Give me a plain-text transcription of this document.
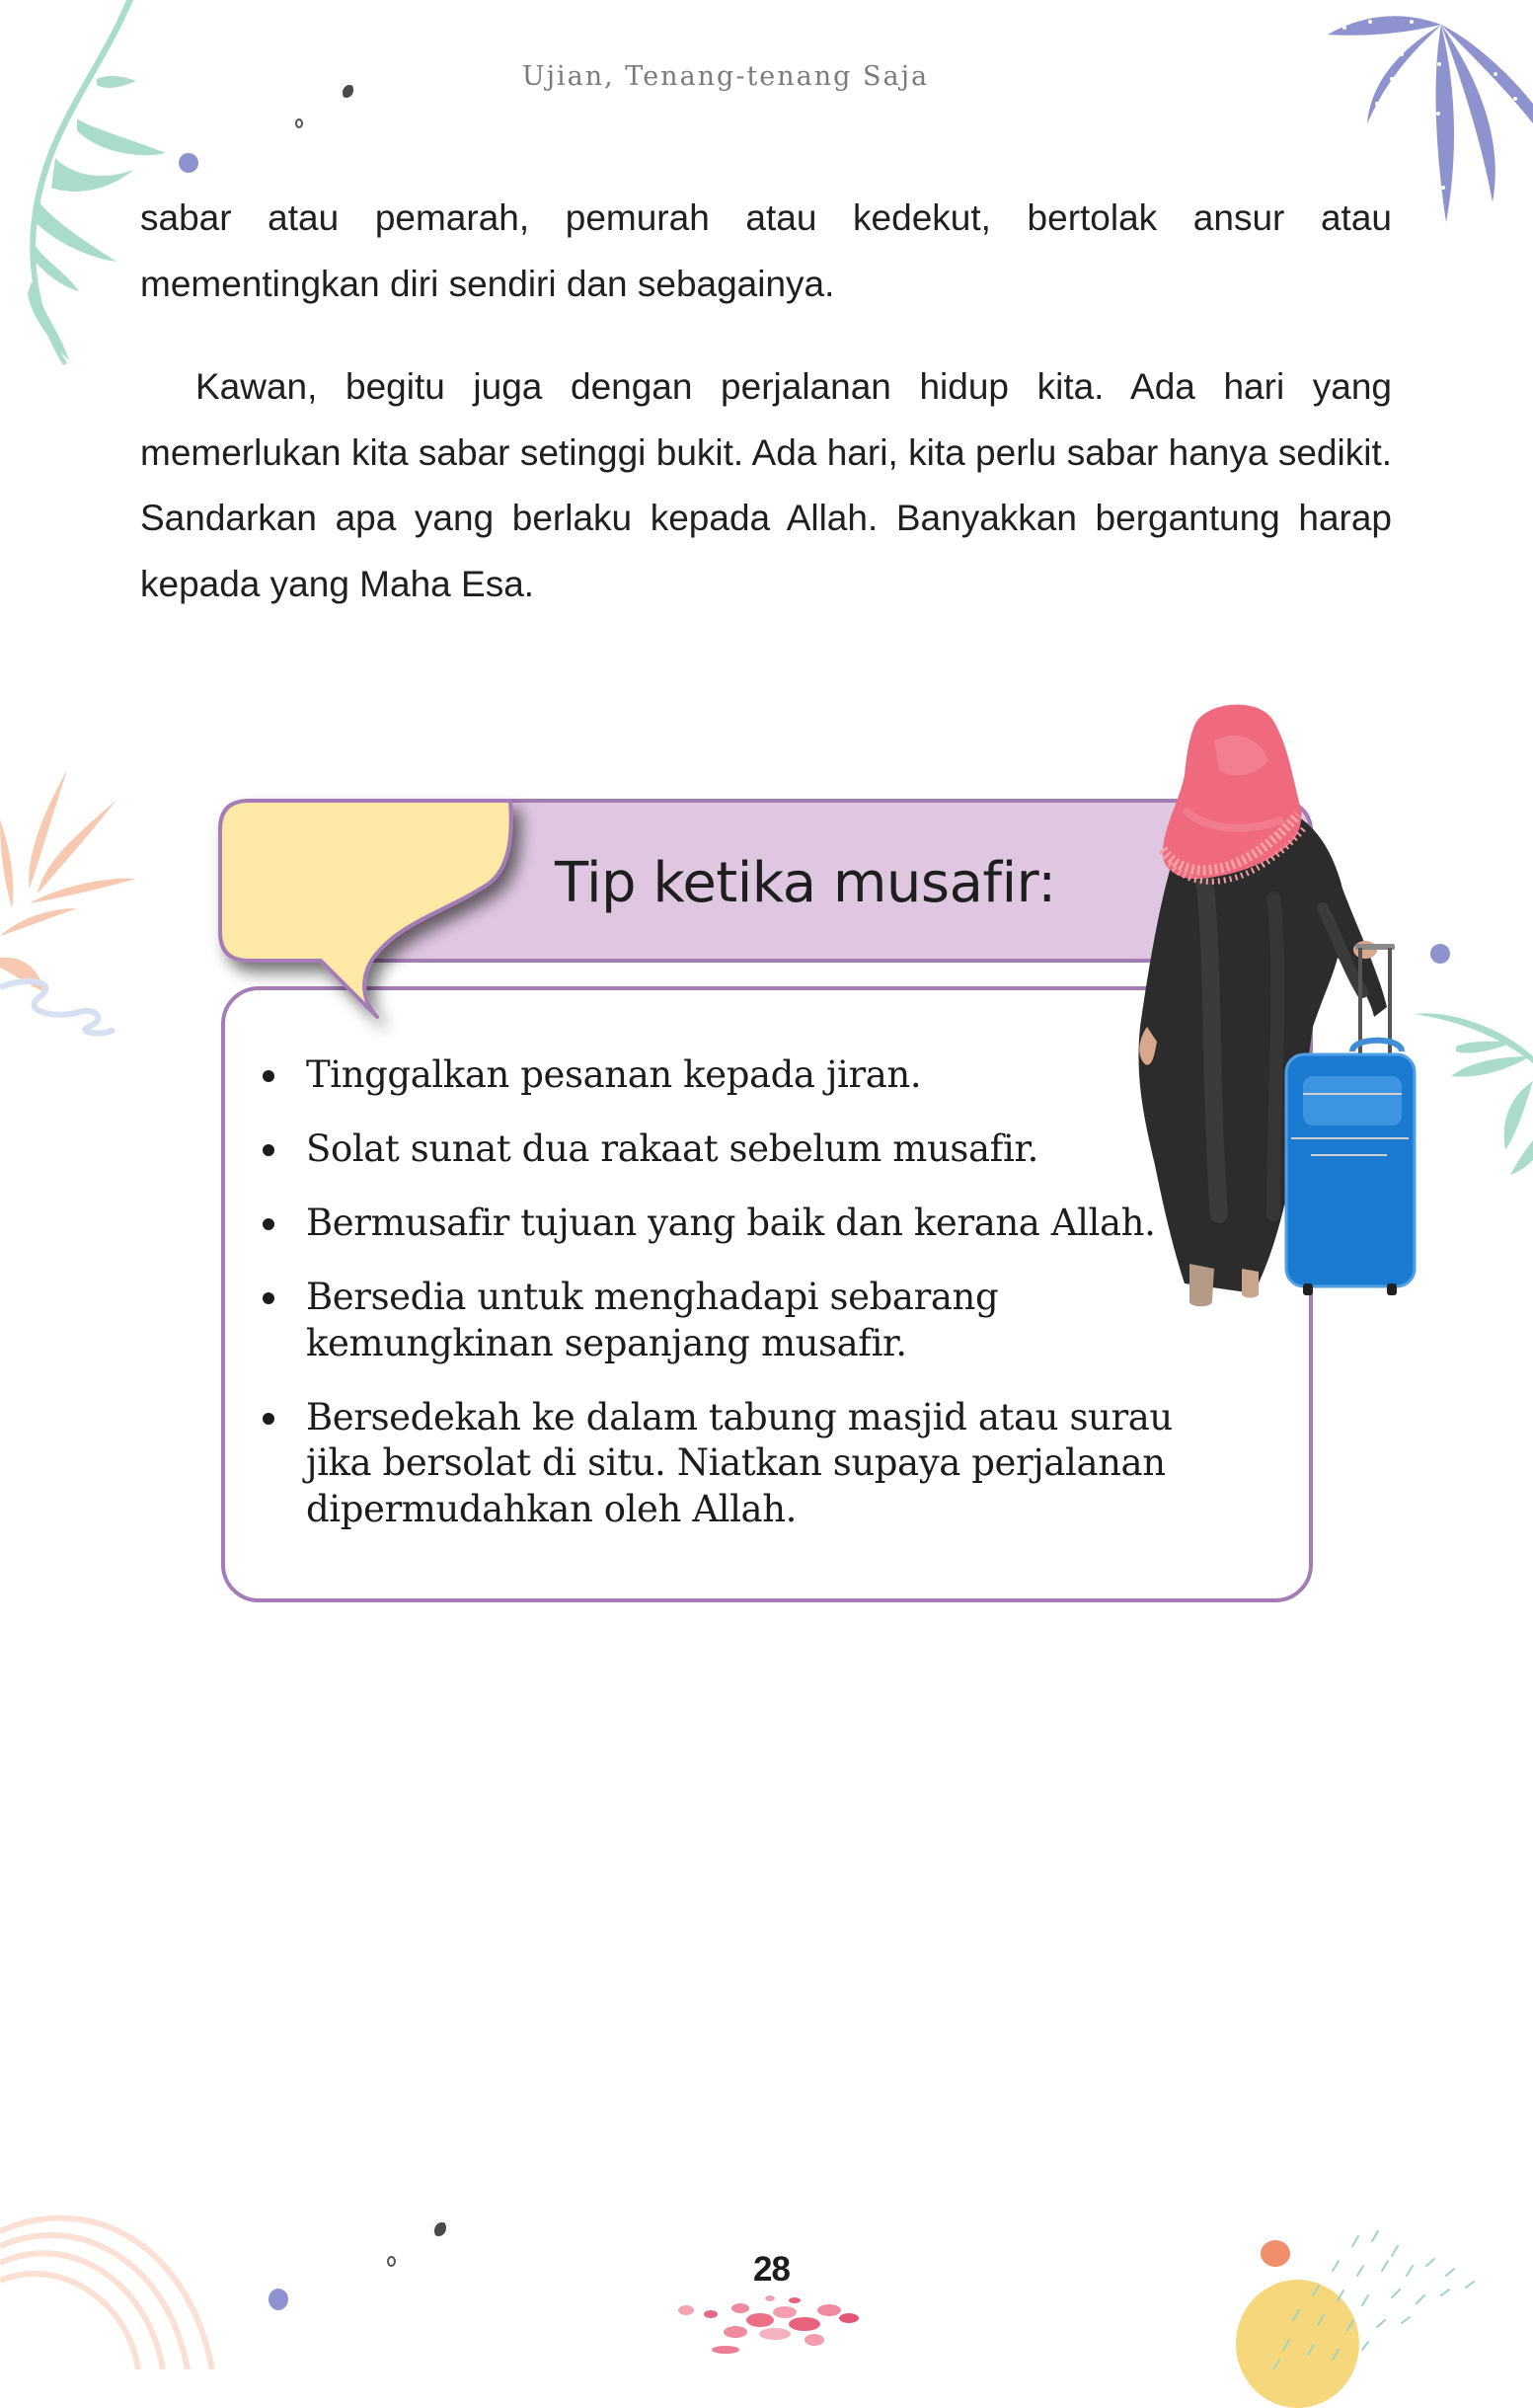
Ujian, Tenang-tenang Saja

sabar atau pemarah, pemurah atau kedekut, bertolak ansur atau mementingkan diri sendiri dan sebagainya.

Kawan, begitu juga dengan perjalanan hidup kita. Ada hari yang memerlukan kita sabar setinggi bukit. Ada hari, kita perlu sabar hanya sedikit. Sandarkan apa yang berlaku kepada Allah. Banyakkan bergantung harap kepada yang Maha Esa.

Tip ketika musafir:
Tinggalkan pesanan kepada jiran.
Solat sunat dua rakaat sebelum musafir.
Bermusafir tujuan yang baik dan kerana Allah.
Bersedia untuk menghadapi sebarang kemungkinan sepanjang musafir.
Bersedekah ke dalam tabung masjid atau surau jika bersolat di situ. Niatkan supaya perjalanan dipermudahkan oleh Allah.
28
